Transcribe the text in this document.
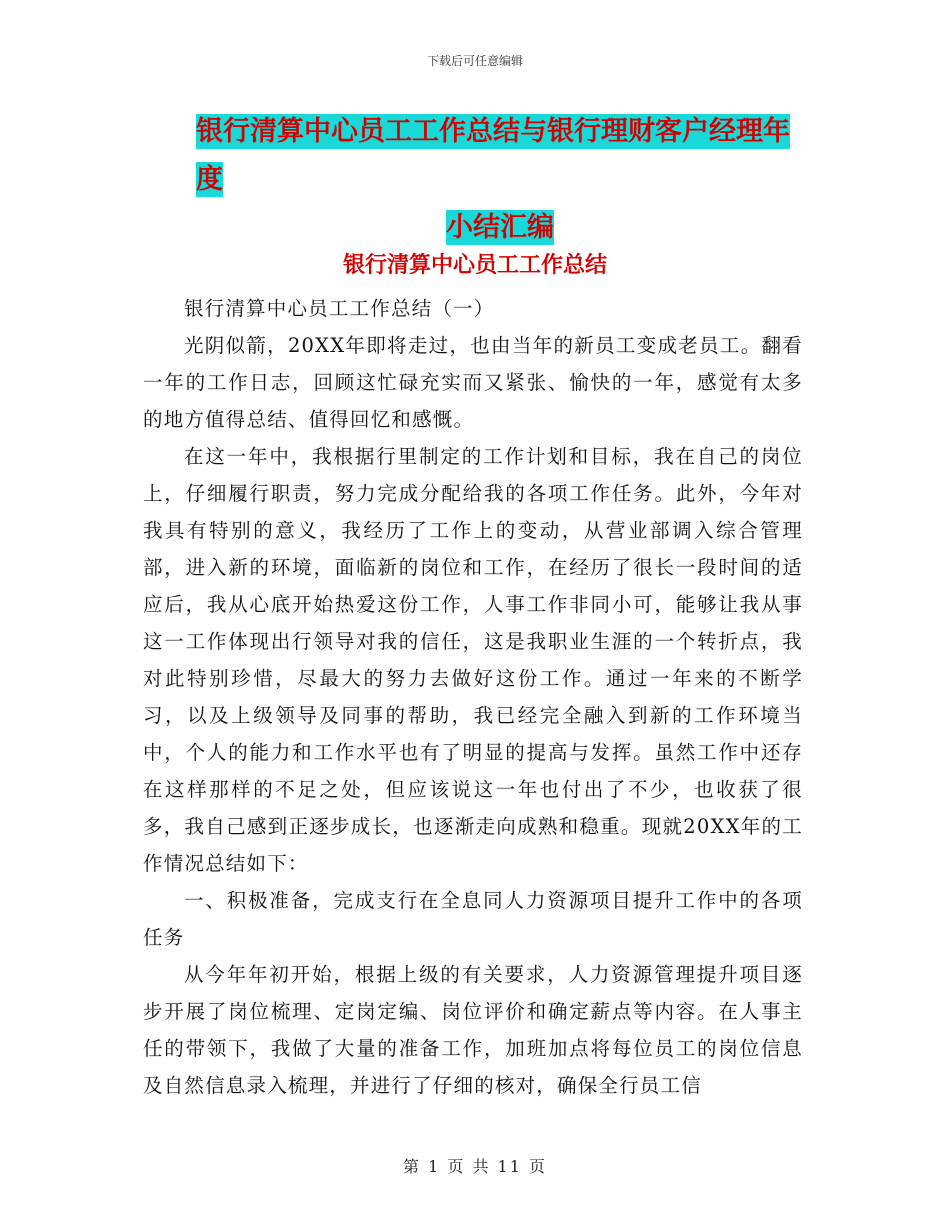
下载后可任意编辑
银行清算中心员工工作总结与银行理财客户经理年度
小结汇编
银行清算中心员工工作总结

银行清算中心员工工作总结（一）

光阴似箭，20XX年即将走过，也由当年的新员工变成老员工。翻看一年的工作日志，回顾这忙碌充实而又紧张、愉快的一年，感觉有太多的地方值得总结、值得回忆和感慨。

在这一年中，我根据行里制定的工作计划和目标，我在自己的岗位上，仔细履行职责，努力完成分配给我的各项工作任务。此外，今年对我具有特别的意义，我经历了工作上的变动，从营业部调入综合管理部，进入新的环境，面临新的岗位和工作，在经历了很长一段时间的适应后，我从心底开始热爱这份工作，人事工作非同小可，能够让我从事这一工作体现出行领导对我的信任，这是我职业生涯的一个转折点，我对此特别珍惜，尽最大的努力去做好这份工作。通过一年来的不断学习，以及上级领导及同事的帮助，我已经完全融入到新的工作环境当中，个人的能力和工作水平也有了明显的提高与发挥。虽然工作中还存在这样那样的不足之处，但应该说这一年也付出了不少，也收获了很多，我自己感到正逐步成长，也逐渐走向成熟和稳重。现就20XX年的工作情况总结如下：

一、积极准备，完成支行在全息同人力资源项目提升工作中的各项任务

从今年年初开始，根据上级的有关要求，人力资源管理提升项目逐步开展了岗位梳理、定岗定编、岗位评价和确定薪点等内容。在人事主任的带领下，我做了大量的准备工作，加班加点将每位员工的岗位信息及自然信息录入梳理，并进行了仔细的核对，确保全行员工信

第 1 页 共 11 页
